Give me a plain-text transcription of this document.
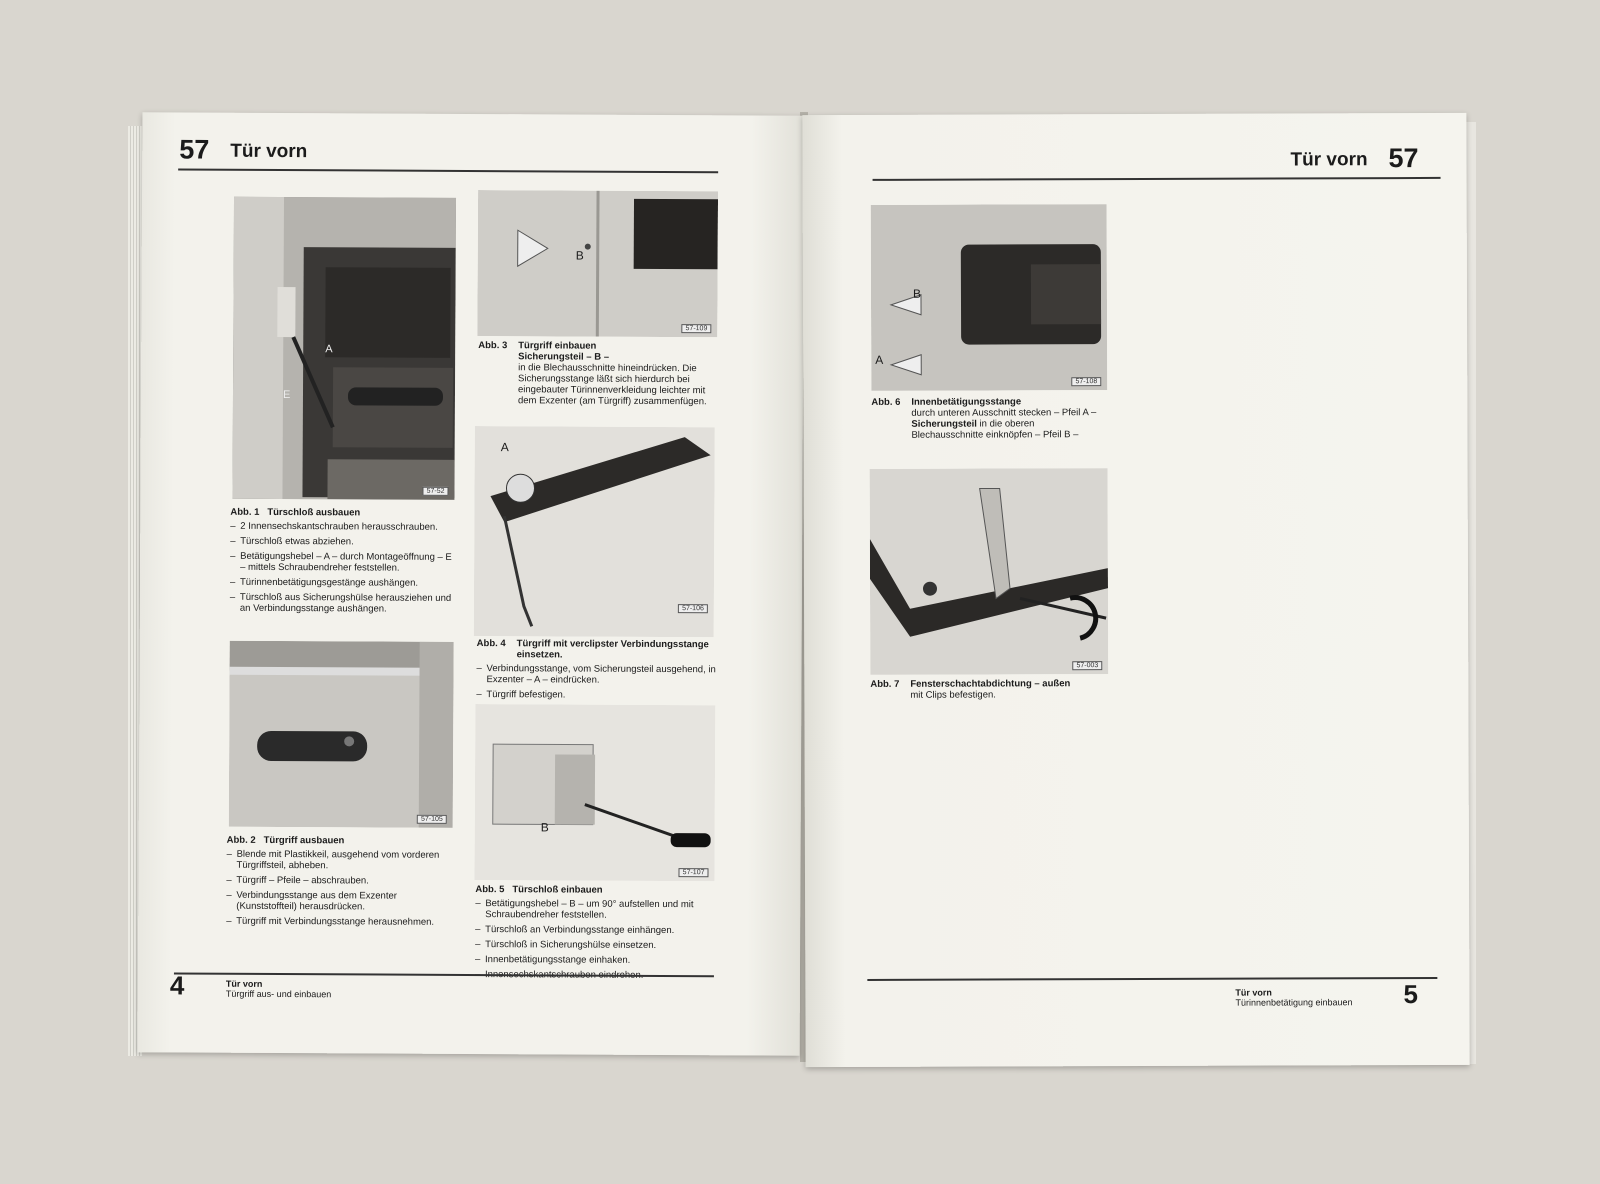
57 Tür vorn
A
E
57-52
Abb. 1 Türschloß ausbauen
– 2 Innensechskantschrauben herausschrauben.
– Türschloß etwas abziehen.
– Betätigungshebel – A – durch Montageöffnung – E – mittels Schraubendreher feststellen.
– Türinnenbetätigungsgestänge aushängen.
– Türschloß aus Sicherungshülse herausziehen und an Verbindungsstange aushängen.
57-105
Abb. 2 Türgriff ausbauen
– Blende mit Plastikkeil, ausgehend vom vorderen Türgriffsteil, abheben.
– Türgriff – Pfeile – abschrauben.
– Verbindungsstange aus dem Exzenter (Kunststoffteil) herausdrücken.
– Türgriff mit Verbindungsstange herausnehmen.
B
57-109
Abb. 3	Türgriff einbauen

Sicherungsteil – B –

in die Blechausschnitte hineindrücken. Die Sicherungsstange läßt sich hierdurch bei eingebauter Türinnenverkleidung leichter mit dem Exzenter (am Türgriff) zusammenfügen.

A
57-106
Abb. 4	Türgriff mit verclipster Verbindungsstange einsetzen.

– Verbindungsstange, vom Sicherungsteil ausgehend, in Exzenter – A – eindrücken.
– Türgriff befestigen.
B
57-107
Abb. 5 Türschloß einbauen
– Betätigungshebel – B – um 90° aufstellen und mit Schraubendreher feststellen.
– Türschloß an Verbindungsstange einhängen.
– Türschloß in Sicherungshülse einsetzen.
– Innenbetätigungsstange einhaken.
–
4	Tür vorn
Türgriff aus- und einbauen
Tür vorn 57
B
A
57-108
Abb. 6	Innenbetätigungsstange

durch unteren Ausschnitt stecken – Pfeil A –

Sicherungsteil in die oberen

Blechausschnitte einknöpfen – Pfeil B –

57-003
Abb. 7	Fensterschachtabdichtung – außen

mit Clips befestigen.

Tür vorn
Türinnenbetätigung einbauen 5
